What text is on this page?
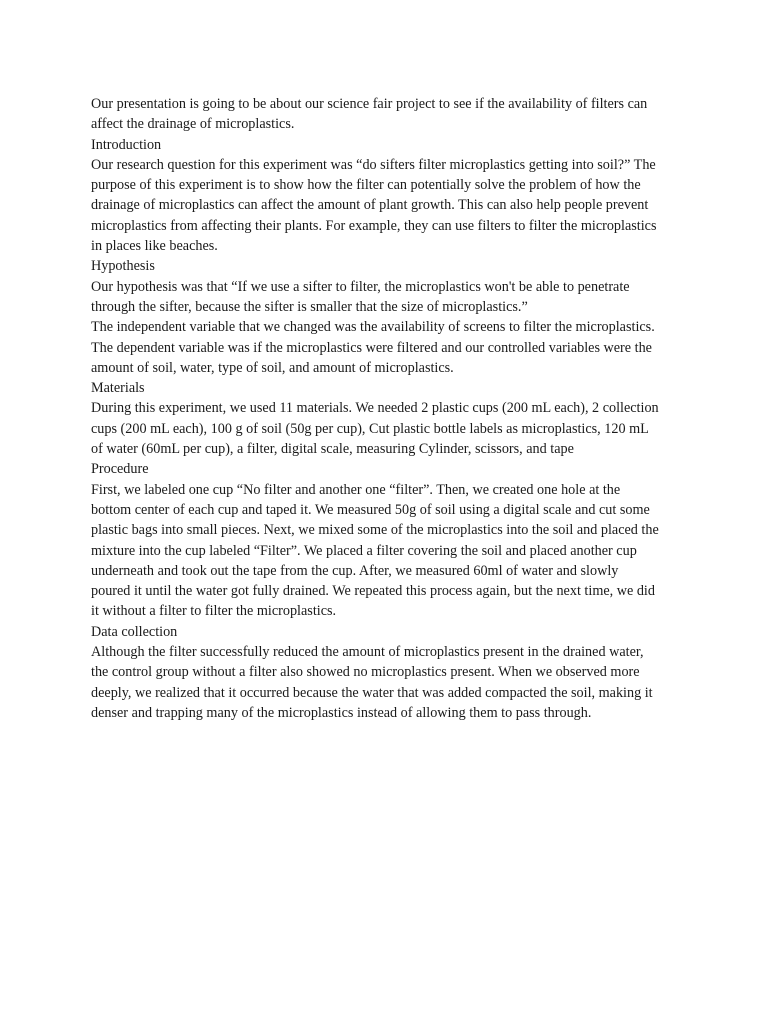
Our presentation is going to be about our science fair project to see if the availability of filters can affect the drainage of microplastics.

Introduction

Our research question for this experiment was “do sifters filter microplastics getting into soil?” The purpose of this experiment is to show how the filter can potentially solve the problem of how the drainage of microplastics can affect the amount of plant growth. This can also help people prevent microplastics from affecting their plants. For example, they can use filters to filter the microplastics in places like beaches.

Hypothesis

Our hypothesis was that “If we use a sifter to filter, the microplastics won't be able to penetrate through the sifter, because the sifter is smaller that the size of microplastics.”

The independent variable that we changed was the availability of screens to filter the microplastics. The dependent variable was if the microplastics were filtered and our controlled variables were the amount of soil, water, type of soil, and amount of microplastics.

Materials

During this experiment, we used 11 materials. We needed 2 plastic cups (200 mL each), 2 collection cups (200 mL each), 100 g of soil (50g per cup), Cut plastic bottle labels as microplastics, 120 mL of water (60mL per cup), a filter, digital scale, measuring Cylinder, scissors, and tape

Procedure

First, we labeled one cup “No filter and another one “filter”. Then, we created one hole at the bottom center of each cup and taped it. We measured 50g of soil using a digital scale and cut some plastic bags into small pieces. Next, we mixed some of the microplastics into the soil and placed the mixture into the cup labeled “Filter”. We placed a filter covering the soil and placed another cup underneath and took out the tape from the cup. After, we measured 60ml of water and slowly poured it until the water got fully drained. We repeated this process again, but the next time, we did it without a filter to filter the microplastics.

Data collection

Although the filter successfully reduced the amount of microplastics present in the drained water, the control group without a filter also showed no microplastics present. When we observed more deeply, we realized that it occurred because the water that was added compacted the soil, making it denser and trapping many of the microplastics instead of allowing them to pass through.
